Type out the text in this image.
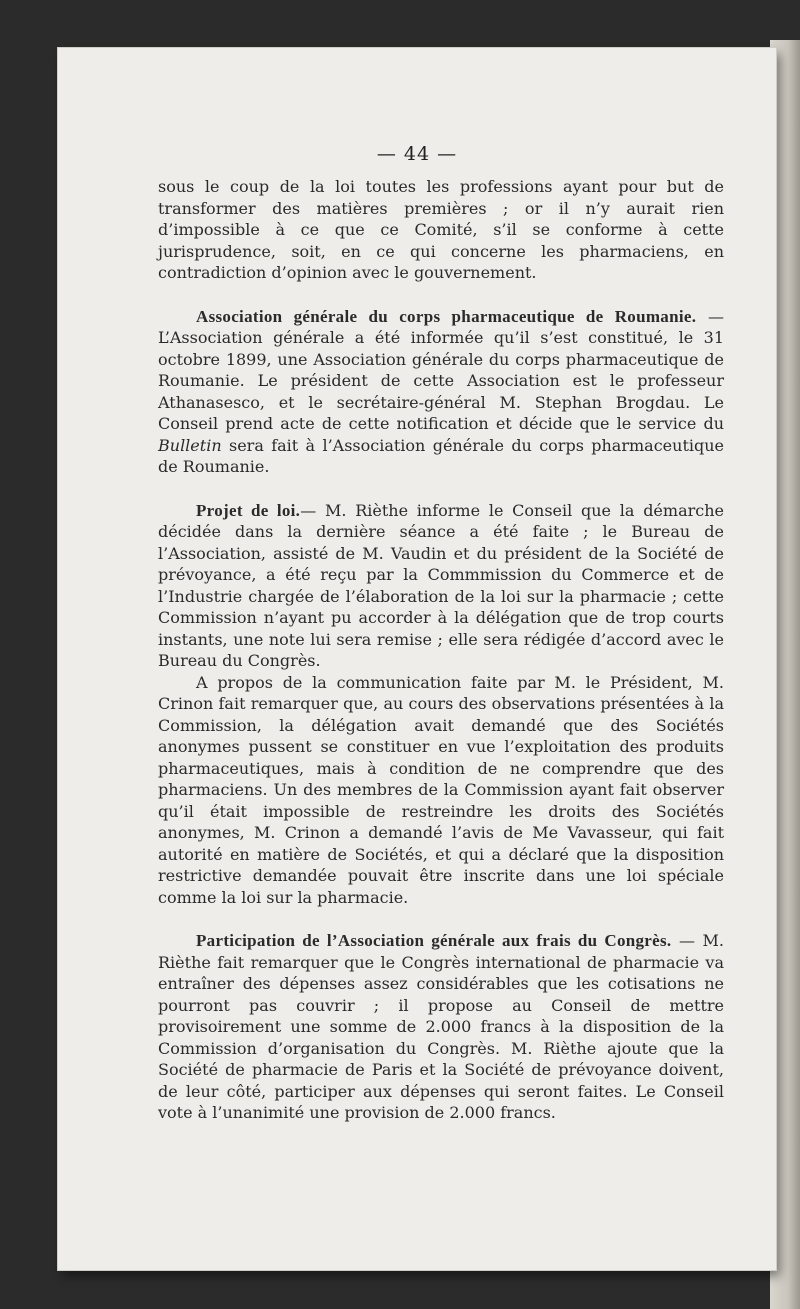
— 44 —

sous le coup de la loi toutes les professions ayant pour but de transformer des matières premières ; or il n’y aurait rien d’impossible à ce que ce Comité, s’il se conforme à cette jurisprudence, soit, en ce qui concerne les pharmaciens, en contradiction d’opinion avec le gouvernement.

Association générale du corps pharmaceutique de Roumanie. — L’Association générale a été informée qu’il s’est constitué, le 31 octobre 1899, une Association générale du corps pharmaceutique de Roumanie. Le président de cette Association est le professeur Athanasesco, et le secrétaire-général M. Stephan Brogdau. Le Conseil prend acte de cette notification et décide que le service du Bulletin sera fait à l’Association générale du corps pharmaceutique de Roumanie.

Projet de loi.— M. Rièthe informe le Conseil que la démarche décidée dans la dernière séance a été faite ; le Bureau de l’Association, assisté de M. Vaudin et du président de la Société de prévoyance, a été reçu par la Commmission du Commerce et de l’Industrie chargée de l’élaboration de la loi sur la pharmacie ; cette Commission n’ayant pu accorder à la délégation que de trop courts instants, une note lui sera remise ; elle sera rédigée d’accord avec le Bureau du Congrès.

A propos de la communication faite par M. le Président, M. Crinon fait remarquer que, au cours des observations présentées à la Commission, la délégation avait demandé que des Sociétés anonymes pussent se constituer en vue l’exploitation des produits pharmaceutiques, mais à condition de ne comprendre que des pharmaciens. Un des membres de la Commission ayant fait observer qu’il était impossible de restreindre les droits des Sociétés anonymes, M. Crinon a demandé l’avis de Me Vavasseur, qui fait autorité en matière de Sociétés, et qui a déclaré que la disposition restrictive demandée pouvait être inscrite dans une loi spéciale comme la loi sur la pharmacie.

Participation de l’Association générale aux frais du Congrès. — M. Rièthe fait remarquer que le Congrès international de pharmacie va entraîner des dépenses assez considérables que les cotisations ne pourront pas couvrir ; il propose au Conseil de mettre provisoirement une somme de 2.000 francs à la disposition de la Commission d’organisation du Congrès. M. Rièthe ajoute que la Société de pharmacie de Paris et la Société de prévoyance doivent, de leur côté, participer aux dépenses qui seront faites. Le Conseil vote à l’unanimité une provision de 2.000 francs.
